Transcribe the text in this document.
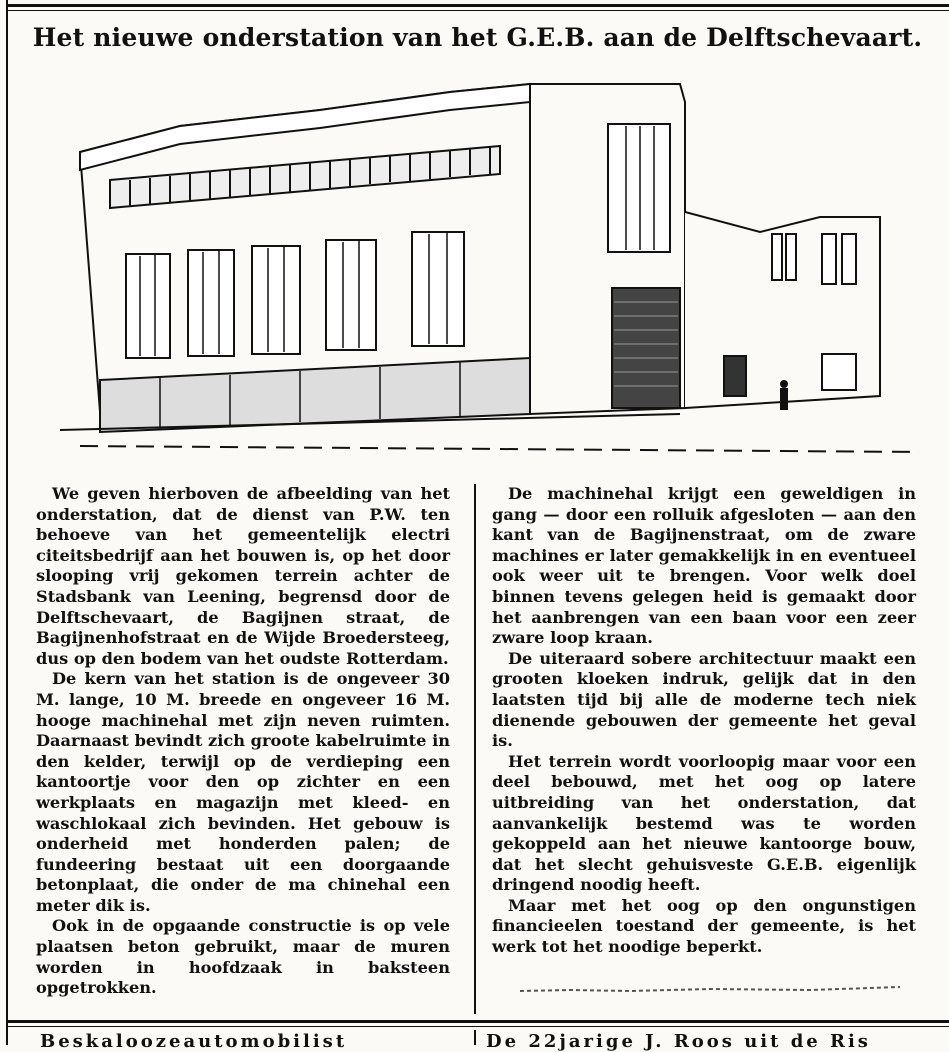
Het nieuwe onderstation van het G.E.B. aan de Delftschevaart.

We geven hierboven de afbeelding van het onderstation, dat de dienst van P.W. ten behoeve van het gemeentelijk electri citeitsbedrijf aan het bouwen is, op het door slooping vrij gekomen terrein achter de Stadsbank van Leening, begrensd door de Delftschevaart, de Bagijnen straat, de Bagijnenhofstraat en de Wijde Broedersteeg, dus op den bodem van het oudste Rotterdam.

De kern van het station is de ongeveer 30 M. lange, 10 M. breede en ongeveer 16 M. hooge machinehal met zijn neven ruimten. Daarnaast bevindt zich groote kabelruimte in den kelder, terwijl op de verdieping een kantoortje voor den op zichter en een werkplaats en magazijn met kleed- en waschlokaal zich bevinden. Het gebouw is onderheid met honderden palen; de fundeering bestaat uit een doorgaande betonplaat, die onder de ma chinehal een meter dik is.

Ook in de opgaande constructie is op vele plaatsen beton gebruikt, maar de muren worden in hoofdzaak in baksteen opgetrokken.

De machinehal krijgt een geweldigen in gang — door een rolluik afgesloten — aan den kant van de Bagijnenstraat, om de zware machines er later gemakkelijk in en eventueel ook weer uit te brengen. Voor welk doel binnen tevens gelegen heid is gemaakt door het aanbrengen van een baan voor een zeer zware loop kraan.

De uiteraard sobere architectuur maakt een grooten kloeken indruk, gelijk dat in den laatsten tijd bij alle de moderne tech niek dienende gebouwen der gemeente het geval is.

Het terrein wordt voorloopig maar voor een deel bebouwd, met het oog op latere uitbreiding van het onderstation, dat aanvankelijk bestemd was te worden gekoppeld aan het nieuwe kantoorge bouw, dat het slecht gehuisveste G.E.B. eigenlijk dringend noodig heeft.

Maar met het oog op den ongunstigen financieelen toestand der gemeente, is het werk tot het noodige beperkt.

Beskaloozeautomobilist	De 22jarige J. Roos uit de Ris
